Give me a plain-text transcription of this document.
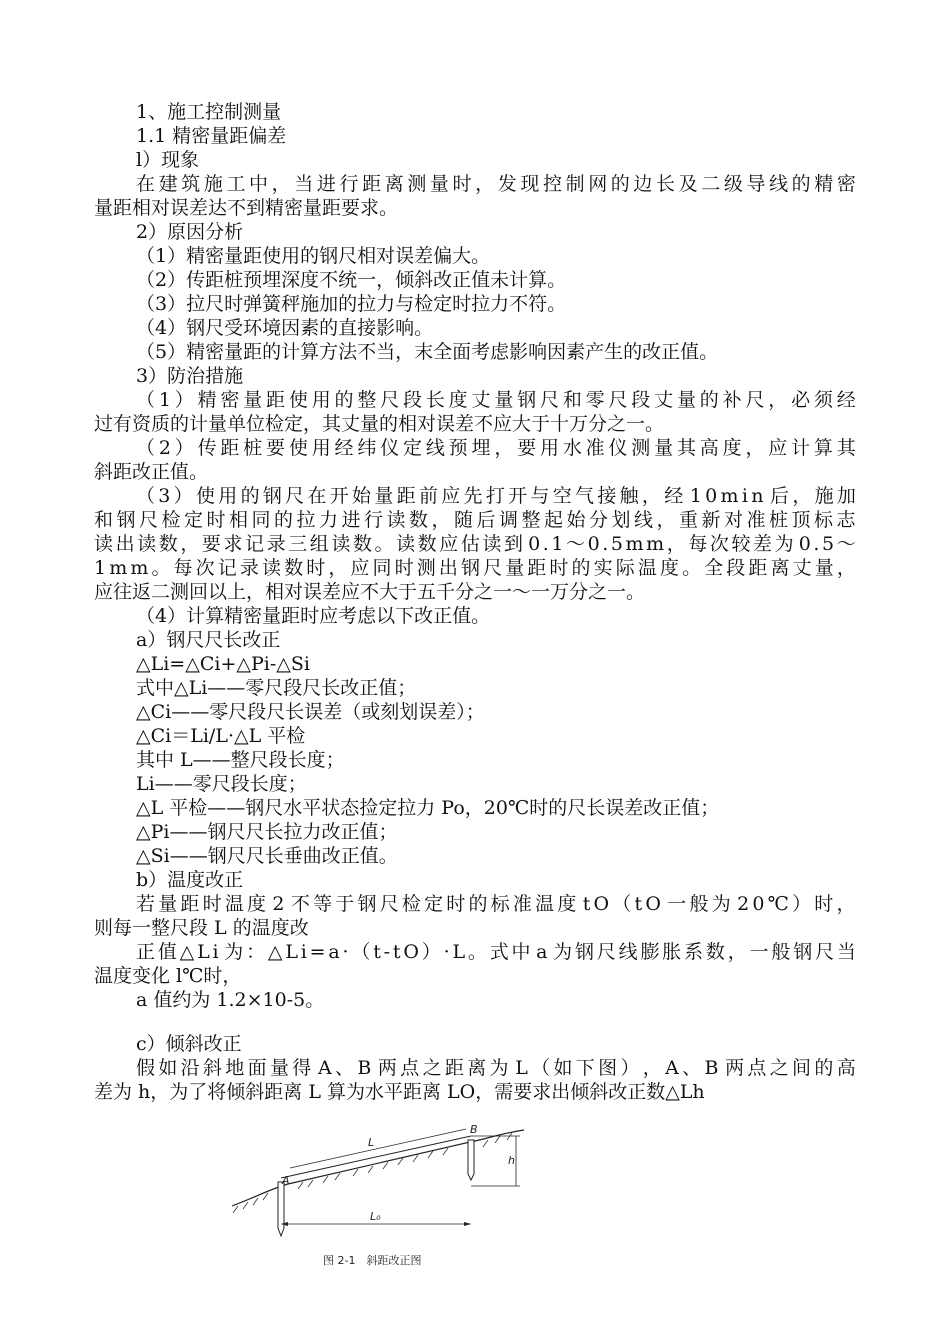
1、施工控制测量
1.1 精密量距偏差
l）现象
在 建 筑 施 工 中 ， 当 进 行 距 离 测 量 时 ， 发 现 控 制 网 的 边 长 及 二 级 导 线 的 精 密
量距相对误差达不到精密量距要求。
2）原因分析
（1）精密量距使用的钢尺相对误差偏大。
（2）传距桩预埋深度不统一，倾斜改正值未计算。
（3）拉尺时弹簧秤施加的拉力与检定时拉力不符。
（4）钢尺受环境因素的直接影响。
（5）精密量距的计算方法不当，末全面考虑影响因素产生的改正值。
3）防治措施
（ 1 ） 精 密 量 距 使 用 的 整 尺 段 长 度 丈 量 钢 尺 和 零 尺 段 丈 量 的 补 尺 ， 必 须 经
过有资质的计量单位检定，其丈量的相对误差不应大于十万分之一。
（ 2 ） 传 距 桩 要 使 用 经 纬 仪 定 线 预 埋 ， 要 用 水 准 仪 测 量 其 高 度 ， 应 计 算 其
斜距改正值。
（ 3 ） 使 用 的 钢 尺 在 开 始 量 距 前 应 先 打 开 与 空 气 接 触 ， 经 1 0 m i n 后 ， 施 加
和 钢 尺 检 定 时 相 同 的 拉 力 进 行 读 数 ， 随 后 调 整 起 始 分 划 线 ， 重 新 对 准 桩 顶 标 志
读 出 读 数 ， 要 求 记 录 三 组 读 数 。 读 数 应 估 读 到 0 . 1 ～ 0 . 5 m m ， 每 次 较 差 为 0 . 5 ～
1 m m 。 每 次 记 录 读 数 时 ， 应 同 时 测 出 钢 尺 量 距 时 的 实 际 温 度 。 全 段 距 离 丈 量 ，
应往返二测回以上，相对误差应不大于五千分之一～一万分之一。
（4）计算精密量距时应考虑以下改正值。
a）钢尺尺长改正
△Li=△Ci+△Pi-△Si
式中△Li——零尺段尺长改正值；
△Ci——零尺段尺长误差（或刻划误差）；
△Ci＝Li/L·△L 平检
其中 L——整尺段长度；
Li——零尺段长度；
△L 平检——钢尺水平状态捡定拉力 Po，20℃时的尺长误差改正值；
△Pi——钢尺尺长拉力改正值；
△Si——钢尺尺长垂曲改正值。
b）温度改正
若 量 距 时 温 度 2 不 等 于 钢 尺 检 定 时 的 标 准 温 度 t O （ t O 一 般 为 2 0 ℃ ） 时 ，
则每一整尺段 L 的温度改
正 值 △ L i 为 ： △ L i = a · （ t - t O ） · L 。 式 中 a 为 钢 尺 线 膨 胀 系 数 ， 一 般 钢 尺 当
温度变化 l℃时，
a 值约为 1.2×10-5。
c）倾斜改正
假 如 沿 斜 地 面 量 得 A 、 B 两 点 之 距 离 为 L （ 如 下 图 ） ， A 、 B 两 点 之 间 的 高
差为 h，为了将倾斜距离 L 算为水平距离 LO，需要求出倾斜改正数△Lh
A
B
L
h
L₀
图 2-1　斜距改正图
